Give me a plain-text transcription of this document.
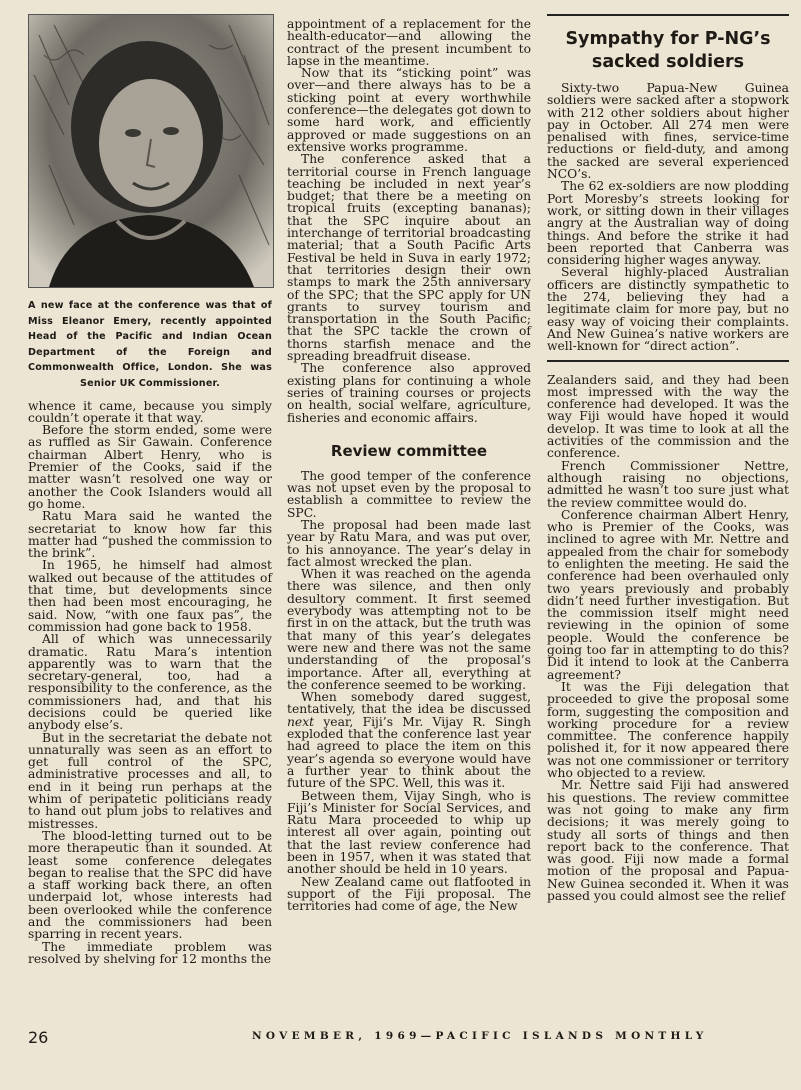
A new face at the conference was that of Miss Eleanor Emery, recently appointed Head of the Pacific and Indian Ocean Department of the Foreign and Commonwealth Office, London. She was Senior UK Commissioner.

whence it came, because you simply couldn’t operate it that way.

Before the storm ended, some were as ruffled as Sir Gawain. Conference chairman Albert Henry, who is Premier of the Cooks, said if the matter wasn’t resolved one way or another the Cook Islanders would all go home.

Ratu Mara said he wanted the secretariat to know how far this matter had “pushed the commission to the brink”.

In 1965, he himself had almost walked out because of the attitudes of that time, but developments since then had been most encouraging, he said. Now, “with one faux pas”, the commission had gone back to 1958.

All of which was unnecessarily dramatic. Ratu Mara’s intention apparently was to warn that the secretary-general, too, had a responsibility to the conference, as the commissioners had, and that his decisions could be queried like anybody else’s.

But in the secretariat the debate not unnaturally was seen as an effort to get full control of the SPC, administrative processes and all, to end in it being run perhaps at the whim of peripatetic politicians ready to hand out plum jobs to relatives and mistresses.

The blood-letting turned out to be more therapeutic than it sounded. At least some conference delegates began to realise that the SPC did have a staff working back there, an often underpaid lot, whose interests had been overlooked while the conference and the commissioners had been sparring in recent years.

The immediate problem was resolved by shelving for 12 months the

appointment of a replacement for the health-educator—and allowing the contract of the present incumbent to lapse in the meantime.

Now that its “sticking point” was over—and there always has to be a sticking point at every worthwhile conference—the delegates got down to some hard work, and efficiently approved or made suggestions on an extensive works programme.

The conference asked that a territorial course in French language teaching be included in next year’s budget; that there be a meeting on tropical fruits (excepting bananas); that the SPC inquire about an interchange of territorial broadcasting material; that a South Pacific Arts Festival be held in Suva in early 1972; that territories design their own stamps to mark the 25th anniversary of the SPC; that the SPC apply for UN grants to survey tourism and transportation in the South Pacific; that the SPC tackle the crown of thorns starfish menace and the spreading breadfruit disease.

The conference also approved existing plans for continuing a whole series of training courses or projects on health, social welfare, agriculture, fisheries and economic affairs.

Review committee

The good temper of the conference was not upset even by the proposal to establish a committee to review the SPC.

The proposal had been made last year by Ratu Mara, and was put over, to his annoyance. The year’s delay in fact almost wrecked the plan.

When it was reached on the agenda there was silence, and then only desultory comment. It first seemed everybody was attempting not to be first in on the attack, but the truth was that many of this year’s delegates were new and there was not the same understanding of the proposal’s importance. After all, everything at the conference seemed to be working.

When somebody dared suggest, tentatively, that the idea be discussed next year, Fiji’s Mr. Vijay R. Singh exploded that the conference last year had agreed to place the item on this year’s agenda so everyone would have a further year to think about the future of the SPC. Well, this was it.

Between them, Vijay Singh, who is Fiji’s Minister for Social Services, and Ratu Mara proceeded to whip up interest all over again, pointing out that the last review conference had been in 1957, when it was stated that another should be held in 10 years.

New Zealand came out flatfooted in support of the Fiji proposal. The territories had come of age, the New

Sympathy for P-NG’s
sacked soldiers

Sixty-two Papua-New Guinea soldiers were sacked after a stopwork with 212 other soldiers about higher pay in October. All 274 men were penalised with fines, service-time reductions or field-duty, and among the sacked are several experienced NCO’s.

The 62 ex-soldiers are now plodding Port Moresby’s streets looking for work, or sitting down in their villages angry at the Australian way of doing things. And before the strike it had been reported that Canberra was considering higher wages anyway.

Several highly-placed Australian officers are distinctly sympathetic to the 274, believing they had a legitimate claim for more pay, but no easy way of voicing their complaints. And New Guinea’s native workers are well-known for “direct action”.

Zealanders said, and they had been most impressed with the way the conference had developed. It was the way Fiji would have hoped it would develop. It was time to look at all the activities of the commission and the conference.

French Commissioner Nettre, although raising no objections, admitted he wasn’t too sure just what the review committee would do.

Conference chairman Albert Henry, who is Premier of the Cooks, was inclined to agree with Mr. Nettre and appealed from the chair for somebody to enlighten the meeting. He said the conference had been overhauled only two years previously and probably didn’t need further investigation. But the commission itself might need reviewing in the opinion of some people. Would the conference be going too far in attempting to do this? Did it intend to look at the Canberra agreement?

It was the Fiji delegation that proceeded to give the proposal some form, suggesting the composition and working procedure for a review committee. The conference happily polished it, for it now appeared there was not one commissioner or territory who objected to a review.

Mr. Nettre said Fiji had answered his questions. The review committee was not going to make any firm decisions; it was merely going to study all sorts of things and then report back to the conference. That was good. Fiji now made a formal motion of the proposal and Papua-New Guinea seconded it. When it was passed you could almost see the relief

26	NOVEMBER, 1969—PACIFIC ISLANDS MONTHLY
